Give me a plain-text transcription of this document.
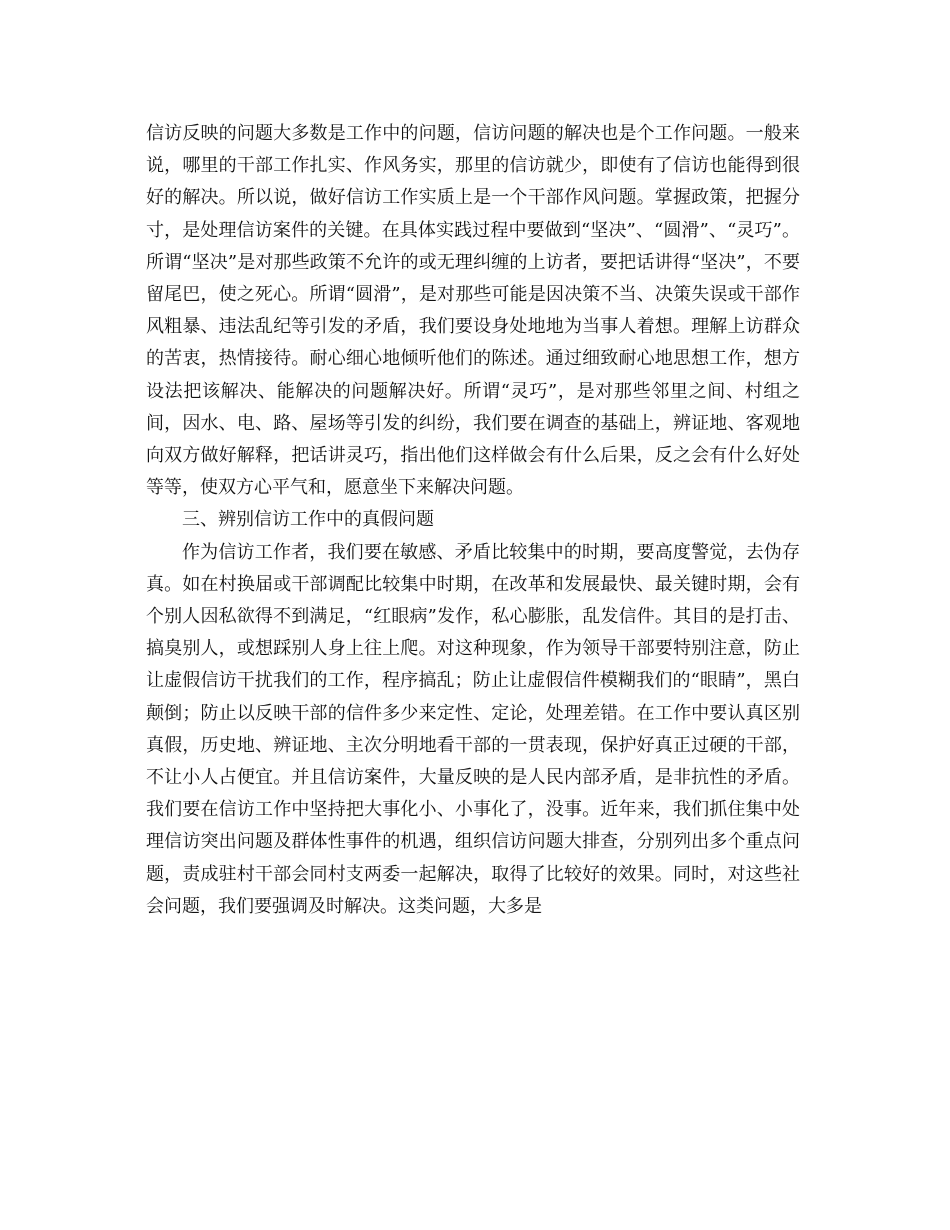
信访反映的问题大多数是工作中的问题，信访问题的解决也是个工作问题。一般来说，哪里的干部工作扎实、作风务实，那里的信访就少，即使有了信访也能得到很好的解决。所以说，做好信访工作实质上是一个干部作风问题。掌握政策，把握分寸，是处理信访案件的关键。在具体实践过程中要做到“坚决”、“圆滑”、“灵巧”。所谓“坚决”是对那些政策不允许的或无理纠缠的上访者，要把话讲得“坚决”，不要留尾巴，使之死心。所谓“圆滑”，是对那些可能是因决策不当、决策失误或干部作风粗暴、违法乱纪等引发的矛盾，我们要设身处地地为当事人着想。理解上访群众的苦衷，热情接待。耐心细心地倾听他们的陈述。通过细致耐心地思想工作，想方设法把该解决、能解决的问题解决好。所谓“灵巧”，是对那些邻里之间、村组之间，因水、电、路、屋场等引发的纠纷，我们要在调查的基础上，辨证地、客观地向双方做好解释，把话讲灵巧，指出他们这样做会有什么后果，反之会有什么好处等等，使双方心平气和，愿意坐下来解决问题。

三、辨别信访工作中的真假问题

作为信访工作者，我们要在敏感、矛盾比较集中的时期，要高度警觉，去伪存真。如在村换届或干部调配比较集中时期，在改革和发展最快、最关键时期，会有个别人因私欲得不到满足，“红眼病”发作，私心膨胀，乱发信件。其目的是打击、搞臭别人，或想踩别人身上往上爬。对这种现象，作为领导干部要特别注意，防止让虚假信访干扰我们的工作，程序搞乱；防止让虚假信件模糊我们的“眼睛”，黑白颠倒；防止以反映干部的信件多少来定性、定论，处理差错。在工作中要认真区别真假，历史地、辨证地、主次分明地看干部的一贯表现，保护好真正过硬的干部，不让小人占便宜。并且信访案件，大量反映的是人民内部矛盾，是非抗性的矛盾。我们要在信访工作中坚持把大事化小、小事化了，没事。近年来，我们抓住集中处理信访突出问题及群体性事件的机遇，组织信访问题大排查，分别列出多个重点问题，责成驻村干部会同村支两委一起解决，取得了比较好的效果。同时，对这些社会问题，我们要强调及时解决。这类问题，大多是
